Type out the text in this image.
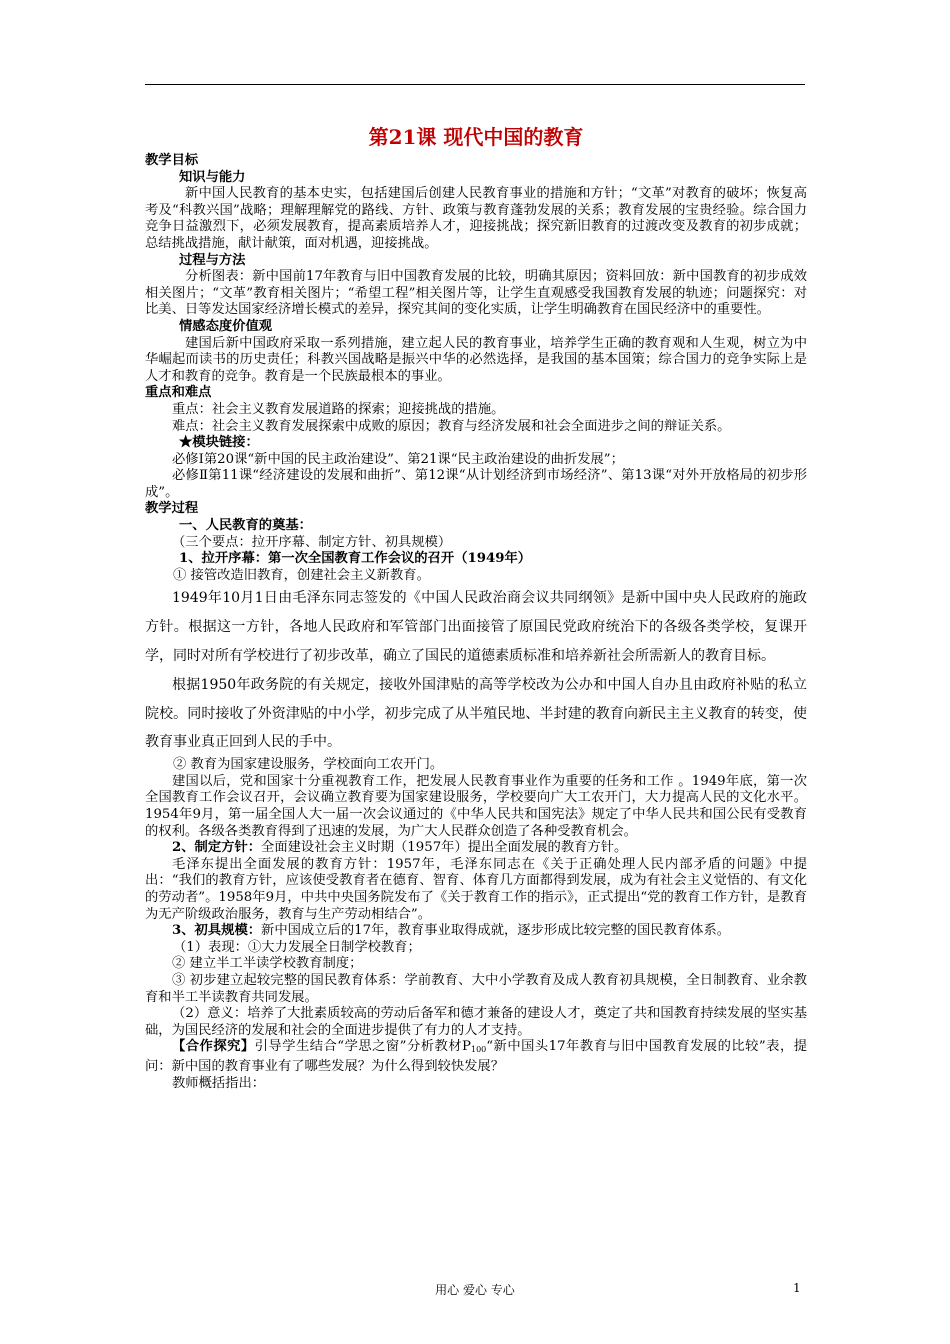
第21课 现代中国的教育

教学目标

知识与能力

新中国人民教育的基本史实，包括建国后创建人民教育事业的措施和方针；“文革”对教育的破坏；恢复高考及“科教兴国”战略；理解理解党的路线、方针、政策与教育蓬勃发展的关系；教育发展的宝贵经验。综合国力竞争日益激烈下，必须发展教育，提高素质培养人才，迎接挑战；探究新旧教育的过渡改变及教育的初步成就；总结挑战措施，献计献策，面对机遇，迎接挑战。

过程与方法

分析图表：新中国前17年教育与旧中国教育发展的比较，明确其原因；资料回放：新中国教育的初步成效相关图片；“文革”教育相关图片；“希望工程”相关图片等，让学生直观感受我国教育发展的轨迹；问题探究：对比美、日等发达国家经济增长模式的差异，探究其间的变化实质，让学生明确教育在国民经济中的重要性。

情感态度价值观

建国后新中国政府采取一系列措施，建立起人民的教育事业，培养学生正确的教育观和人生观，树立为中华崛起而读书的历史责任；科教兴国战略是振兴中华的必然选择，是我国的基本国策；综合国力的竞争实际上是人才和教育的竞争。教育是一个民族最根本的事业。

重点和难点

重点：社会主义教育发展道路的探索；迎接挑战的措施。

难点：社会主义教育发展探索中成败的原因；教育与经济发展和社会全面进步之间的辩证关系。

★模块链接：

必修Ⅰ第20课“新中国的民主政治建设”、第21课“民主政治建设的曲折发展”；

必修Ⅱ第11课“经济建设的发展和曲折”、第12课“从计划经济到市场经济”、第13课“对外开放格局的初步形成”。

教学过程

一、人民教育的奠基：

（三个要点：拉开序幕、制定方针、初具规模）

1、拉开序幕：第一次全国教育工作会议的召开（1949年）

① 接管改造旧教育，创建社会主义新教育。

1949年10月1日由毛泽东同志签发的《中国人民政治商会议共同纲领》是新中国中央人民政府的施政方针。根据这一方针，各地人民政府和军管部门出面接管了原国民党政府统治下的各级各类学校，复课开学，同时对所有学校进行了初步改革，确立了国民的道德素质标准和培养新社会所需新人的教育目标。

根据1950年政务院的有关规定，接收外国津贴的高等学校改为公办和中国人自办且由政府补贴的私立院校。同时接收了外资津贴的中小学，初步完成了从半殖民地、半封建的教育向新民主主义教育的转变，使教育事业真正回到人民的手中。

② 教育为国家建设服务，学校面向工农开门。

建国以后，党和国家十分重视教育工作，把发展人民教育事业作为重要的任务和工作 。1949年底，第一次全国教育工作会议召开，会议确立教育要为国家建设服务，学校要向广大工农开门，大力提高人民的文化水平。1954年9月，第一届全国人大一届一次会议通过的《中华人民共和国宪法》规定了中华人民共和国公民有受教育的权利。各级各类教育得到了迅速的发展，为广大人民群众创造了各种受教育机会。

2、制定方针：全面建设社会主义时期（1957年）提出全面发展的教育方针。

毛泽东提出全面发展的教育方针：1957年，毛泽东同志在《关于正确处理人民内部矛盾的问题》中提出：“我们的教育方针，应该使受教育者在德育、智育、体育几方面都得到发展，成为有社会主义觉悟的、有文化的劳动者”。1958年9月，中共中央国务院发布了《关于教育工作的指示》，正式提出“党的教育工作方针，是教育为无产阶级政治服务，教育与生产劳动相结合”。

3、初具规模：新中国成立后的17年，教育事业取得成就，逐步形成比较完整的国民教育体系。

（1）表现：①大力发展全日制学校教育；

② 建立半工半读学校教育制度；

③ 初步建立起较完整的国民教育体系：学前教育、大中小学教育及成人教育初具规模，全日制教育、业余教育和半工半读教育共同发展。

（2）意义：培养了大批素质较高的劳动后备军和德才兼备的建设人才，奠定了共和国教育持续发展的坚实基础，为国民经济的发展和社会的全面进步提供了有力的人才支持。

【合作探究】引导学生结合“学思之窗”分析教材$P_{100}“$新中国头17年教育与旧中国教育发展的比较”表，提问：新中国的教育事业有了哪些发展？为什么得到较快发展？

教师概括指出：

用心 爱心 专心	1
